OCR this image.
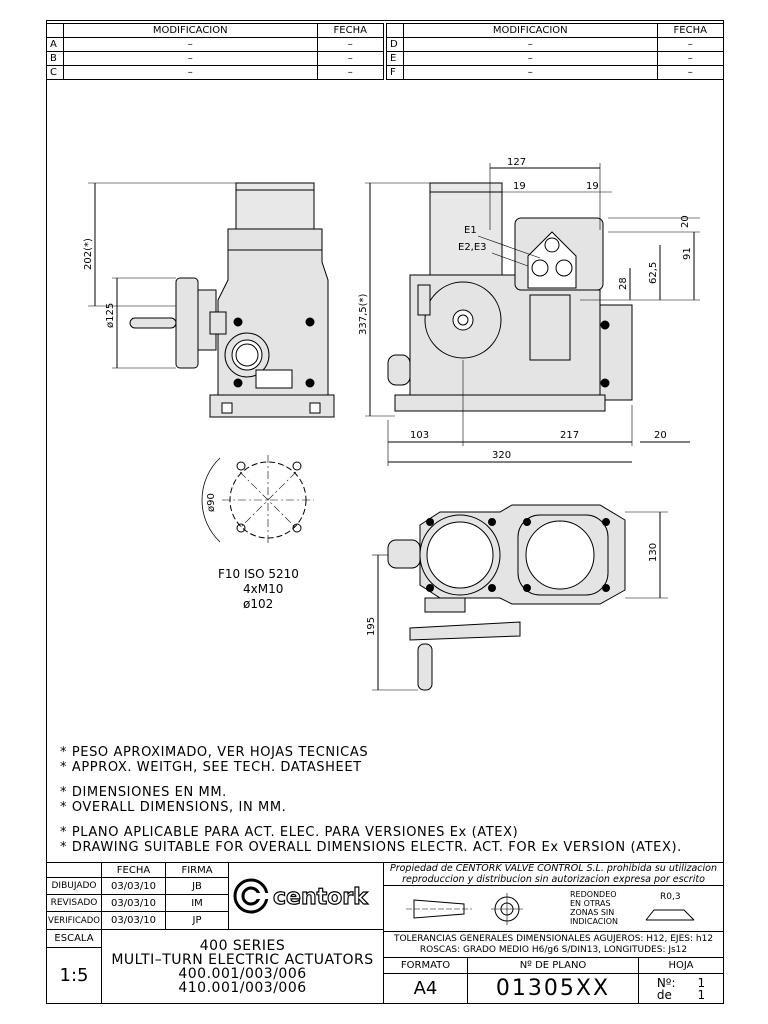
	MODIFICACION	FECHA
A	–	–
B	–	–
C	–	–
	MODIFICACION	FECHA
D	–	–
E	–	–
F	–	–
202(*)
ø125	337,5(*)
127
19	19
20
91
62,5
28
E1
E2,E3
103	217	20
320
ø90
F10 ISO 5210
4xM10
ø102
130
195
* PESO APROXIMADO, VER HOJAS TECNICAS
* APPROX. WEITGH, SEE TECH. DATASHEET
* DIMENSIONES EN MM.
* OVERALL DIMENSIONS, IN MM.
* PLANO APLICABLE PARA ACT. ELEC. PARA VERSIONES Ex (ATEX)
* DRAWING SUITABLE FOR OVERALL DIMENSIONS ELECTR. ACT. FOR Ex VERSION (ATEX).
FECHA	FIRMA
DIBUJADO	03/03/10	JB
REVISADO	03/03/10	IM
VERIFICADO	03/03/10	JP
centork
ESCALA
1:5
400 SERIES
MULTI–TURN ELECTRIC ACTUATORS
400.001/003/006
410.001/003/006
Propiedad de CENTORK VALVE CONTROL S.L. prohibida su utilizacion
reproduccion y distribucion sin autorizacion expresa por escrito
REDONDEO
EN OTRAS
ZONAS SIN
INDICACION
R0,3
TOLERANCIAS GENERALES DIMENSIONALES AGUJEROS: H12, EJES: h12
ROSCAS: GRADO MEDIO H6/g6 S/DIN13, LONGITUDES: Js12
FORMATO	Nº DE PLANO	HOJA
A4	01305XX	Nº: 1
de	1
